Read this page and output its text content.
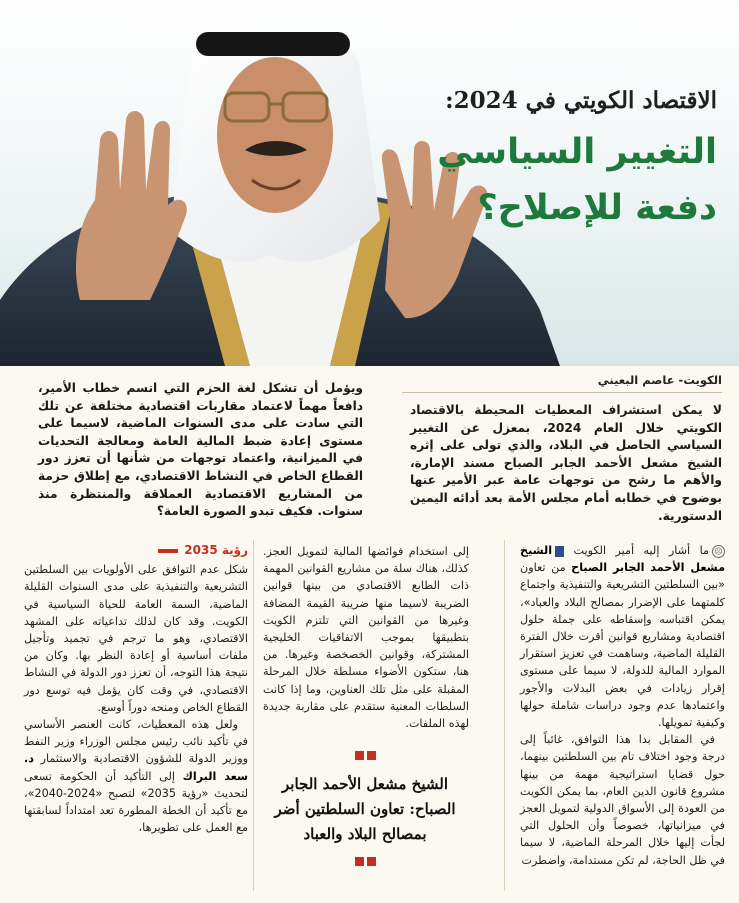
الاقتصاد الكويتي في 2024:
التغيير السياسي
دفعة للإصلاح؟
الكويت- عاصم البعيني
لا يمكن استشراف المعطيات المحيطة بالاقتصاد الكويتي خلال العام 2024، بمعزل عن التغيير السياسي الحاصل في البلاد، والذي تولى على إثره الشيخ مشعل الأحمد الجابر الصباح مسند الإمارة، والأهم ما رشح من توجهات عامة عبر الأمير عنها بوضوح في خطابه أمام مجلس الأمة بعد أدائه اليمين الدستورية.
ويؤمل أن تشكل لغة الحزم التي اتسم خطاب الأمير، دافعاً مهماً لاعتماد مقاربات اقتصادية مختلفة عن تلك التي سادت على مدى السنوات الماضية، لاسيما على مستوى إعادة ضبط المالية العامة ومعالجة التحديات في الميزانية، واعتماد توجهات من شأنها أن تعزز دور القطاع الخاص في النشاط الاقتصادي، مع إطلاق حزمة من المشاريع الاقتصادية العملاقة والمنتظرة منذ سنوات. فكيف تبدو الصورة العامة؟

☹ما أشار إليه أمير الكويت الشيخ مشعل الأحمد الجابر الصباح من تعاون «بين السلطتين التشريعية والتنفيذية واجتماع كلمتهما على الإضرار بمصالح البلاد والعباد»، يمكن اقتباسه وإسقاطه على جملة حلول اقتصادية ومشاريع قوانين أقرت خلال الفترة القليلة الماضية، وساهمت في تعزيز استقرار الموارد المالية للدولة، لا سيما على مستوى إقرار زيادات في بعض البدلات والأجور واعتمادها عدم وجود دراسات شاملة حولها وكيفية تمويلها.

في المقابل بدا هذا التوافق، غائباً إلى درجة وجود اختلاف تام بين السلطتين بينهما، حول قضايا استراتيجية مهمة من بينها مشروع قانون الدين العام، بما يمكن الكويت من العودة إلى الأسواق الدولية لتمويل العجز في ميزانياتها، خصوصاً وأن الحلول التي لجأت إليها خلال المرحلة الماضية، لا سيما في ظل الحاجة، لم تكن مستدامة، واضطرت

إلى استخدام فوائضها المالية لتمويل العجز. كذلك، هناك سلة من مشاريع القوانين المهمة ذات الطابع الاقتصادي من بينها قوانين الضريبة لاسيما منها ضريبة القيمة المضافة وغيرها من القوانين التي تلتزم الكويت بتطبيقها بموجب الاتفاقيات الخليجية المشتركة، وقوانين الخصخصة وغيرها. من هنا، ستكون الأضواء مسلطة خلال المرحلة المقبلة على مثل تلك العناوين، وما إذا كانت السلطات المعنية ستقدم على مقاربة جديدة لهذه الملفات.

الشيخ مشعل الأحمد الجابر الصباح: تعاون السلطتين أضر بمصالح البلاد والعباد
رؤية 2035

شكل عدم التوافق على الأولويات بين السلطتين التشريعية والتنفيذية على مدى السنوات القليلة الماضية، السمة العامة للحياة السياسية في الكويت. وقد كان لذلك تداعياته على المشهد الاقتصادي، وهو ما ترجم في تجميد وتأجيل ملفات أساسية أو إعادة النظر بها. وكان من نتيجة هذا التوجه، أن تعزز دور الدولة في النشاط الاقتصادي، في وقت كان يؤمل فيه توسع دور القطاع الخاص ومنحه دوراً أوسع.

ولعل هذه المعطيات، كانت العنصر الأساسي في تأكيد نائب رئيس مجلس الوزراء وزير النفط ووزير الدولة للشؤون الاقتصادية والاستثمار د. سعد البراك إلى التأكيد أن الحكومة تسعى لتحديث «رؤية 2035» لتصبح «2024-2040»، مع تأكيد أن الخطة المطورة تعد امتداداً لسابقتها مع العمل على تطويرها،
